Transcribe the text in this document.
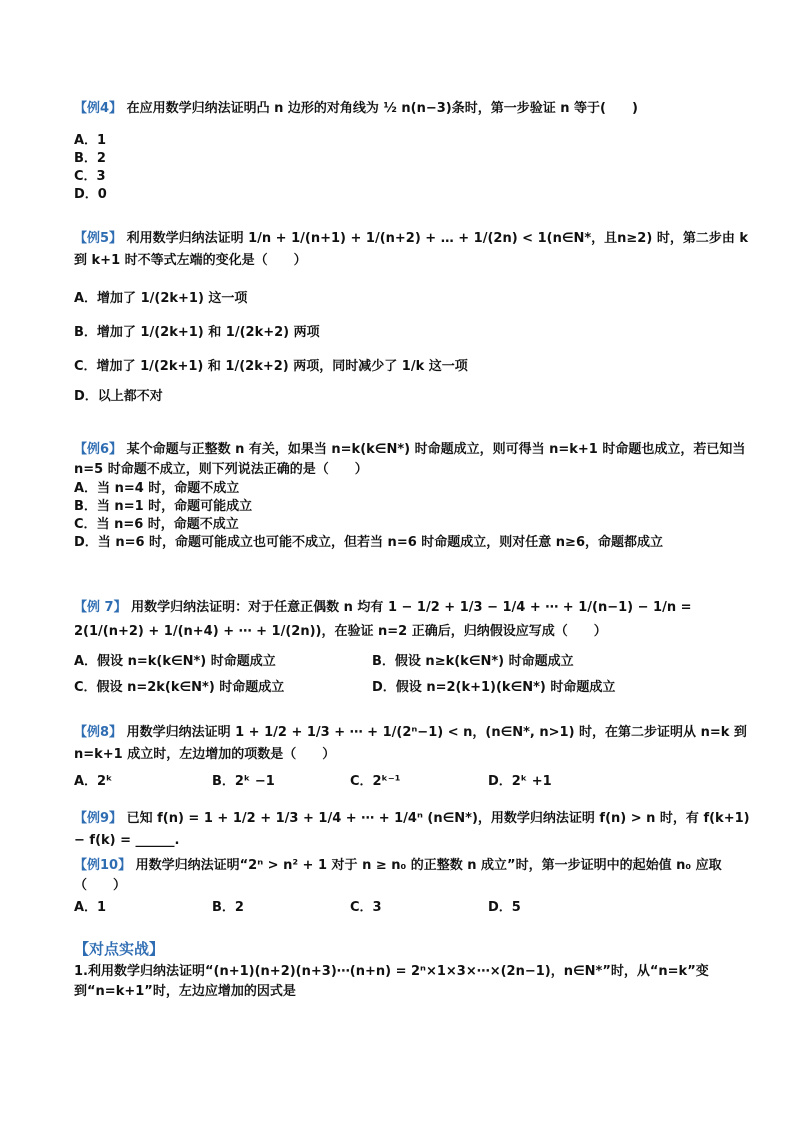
【例4】 在应用数学归纳法证明凸 n 边形的对角线为 ½ n(n−3)条时，第一步验证 n 等于(　　)
A．1
B．2
C．3
D．0
【例5】 利用数学归纳法证明 1/n + 1/(n+1) + 1/(n+2) + … + 1/(2n) < 1(n∈N*，且n≥2) 时，第二步由 k 到 k+1 时不等式左端的变化是（　　）
A．增加了 1/(2k+1) 这一项
B．增加了 1/(2k+1) 和 1/(2k+2) 两项
C．增加了 1/(2k+1) 和 1/(2k+2) 两项，同时减少了 1/k 这一项
D．以上都不对
【例6】 某个命题与正整数 n 有关，如果当 n=k(k∈N*) 时命题成立，则可得当 n=k+1 时命题也成立，若已知当 n=5 时命题不成立，则下列说法正确的是（　　）
A．当 n=4 时，命题不成立
B．当 n=1 时，命题可能成立
C．当 n=6 时，命题不成立
D．当 n=6 时，命题可能成立也可能不成立，但若当 n=6 时命题成立，则对任意 n≥6，命题都成立
【例 7】 用数学归纳法证明：对于任意正偶数 n 均有 1 − 1/2 + 1/3 − 1/4 + ⋯ + 1/(n−1) − 1/n = 2(1/(n+2) + 1/(n+4) + ⋯ + 1/(2n))，在验证 n=2 正确后，归纳假设应写成（　　）
A．假设 n=k(k∈N*) 时命题成立	B．假设 n≥k(k∈N*) 时命题成立
C．假设 n=2k(k∈N*) 时命题成立	D．假设 n=2(k+1)(k∈N*) 时命题成立
【例8】 用数学归纳法证明 1 + 1/2 + 1/3 + ⋯ + 1/(2ⁿ−1) < n，(n∈N*, n>1) 时，在第二步证明从 n=k 到 n=k+1 成立时，左边增加的项数是（　　）
A．2ᵏ	B．2ᵏ −1	C．2ᵏ⁻¹	D．2ᵏ +1
【例9】 已知 f(n) = 1 + 1/2 + 1/3 + 1/4 + ⋯ + 1/4ⁿ (n∈N*)，用数学归纳法证明 f(n) > n 时，有 f(k+1) − f(k) = ______.
【例10】 用数学归纳法证明“2ⁿ > n² + 1 对于 n ≥ n₀ 的正整数 n 成立”时，第一步证明中的起始值 n₀ 应取（　　）
A．1	B．2	C．3	D．5
【对点实战】
1.利用数学归纳法证明“(n+1)(n+2)(n+3)⋯(n+n) = 2ⁿ×1×3×⋯×(2n−1)，n∈N*”时，从“n=k”变到“n=k+1”时，左边应增加的因式是
